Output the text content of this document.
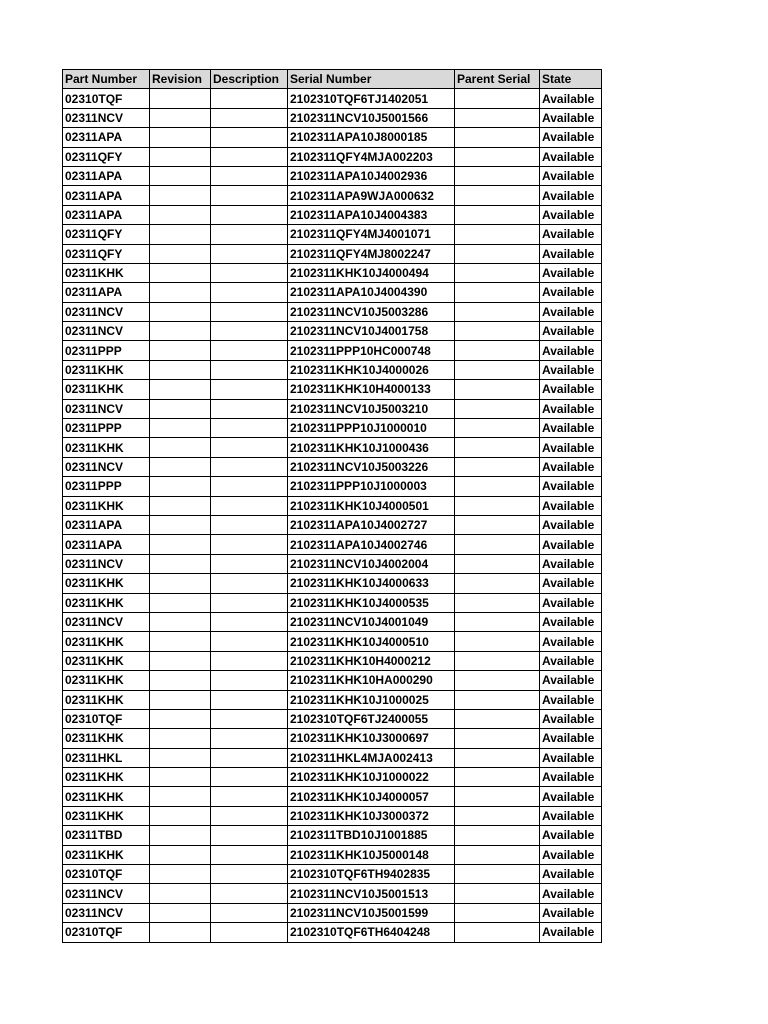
Part Number	Revision	Description	Serial Number	Parent Serial	State
02310TQF			2102310TQF6TJ1402051		Available
02311NCV			2102311NCV10J5001566		Available
02311APA			2102311APA10J8000185		Available
02311QFY			2102311QFY4MJA002203		Available
02311APA			2102311APA10J4002936		Available
02311APA			2102311APA9WJA000632		Available
02311APA			2102311APA10J4004383		Available
02311QFY			2102311QFY4MJ4001071		Available
02311QFY			2102311QFY4MJ8002247		Available
02311KHK			2102311KHK10J4000494		Available
02311APA			2102311APA10J4004390		Available
02311NCV			2102311NCV10J5003286		Available
02311NCV			2102311NCV10J4001758		Available
02311PPP			2102311PPP10HC000748		Available
02311KHK			2102311KHK10J4000026		Available
02311KHK			2102311KHK10H4000133		Available
02311NCV			2102311NCV10J5003210		Available
02311PPP			2102311PPP10J1000010		Available
02311KHK			2102311KHK10J1000436		Available
02311NCV			2102311NCV10J5003226		Available
02311PPP			2102311PPP10J1000003		Available
02311KHK			2102311KHK10J4000501		Available
02311APA			2102311APA10J4002727		Available
02311APA			2102311APA10J4002746		Available
02311NCV			2102311NCV10J4002004		Available
02311KHK			2102311KHK10J4000633		Available
02311KHK			2102311KHK10J4000535		Available
02311NCV			2102311NCV10J4001049		Available
02311KHK			2102311KHK10J4000510		Available
02311KHK			2102311KHK10H4000212		Available
02311KHK			2102311KHK10HA000290		Available
02311KHK			2102311KHK10J1000025		Available
02310TQF			2102310TQF6TJ2400055		Available
02311KHK			2102311KHK10J3000697		Available
02311HKL			2102311HKL4MJA002413		Available
02311KHK			2102311KHK10J1000022		Available
02311KHK			2102311KHK10J4000057		Available
02311KHK			2102311KHK10J3000372		Available
02311TBD			2102311TBD10J1001885		Available
02311KHK			2102311KHK10J5000148		Available
02310TQF			2102310TQF6TH9402835		Available
02311NCV			2102311NCV10J5001513		Available
02311NCV			2102311NCV10J5001599		Available
02310TQF			2102310TQF6TH6404248		Available
